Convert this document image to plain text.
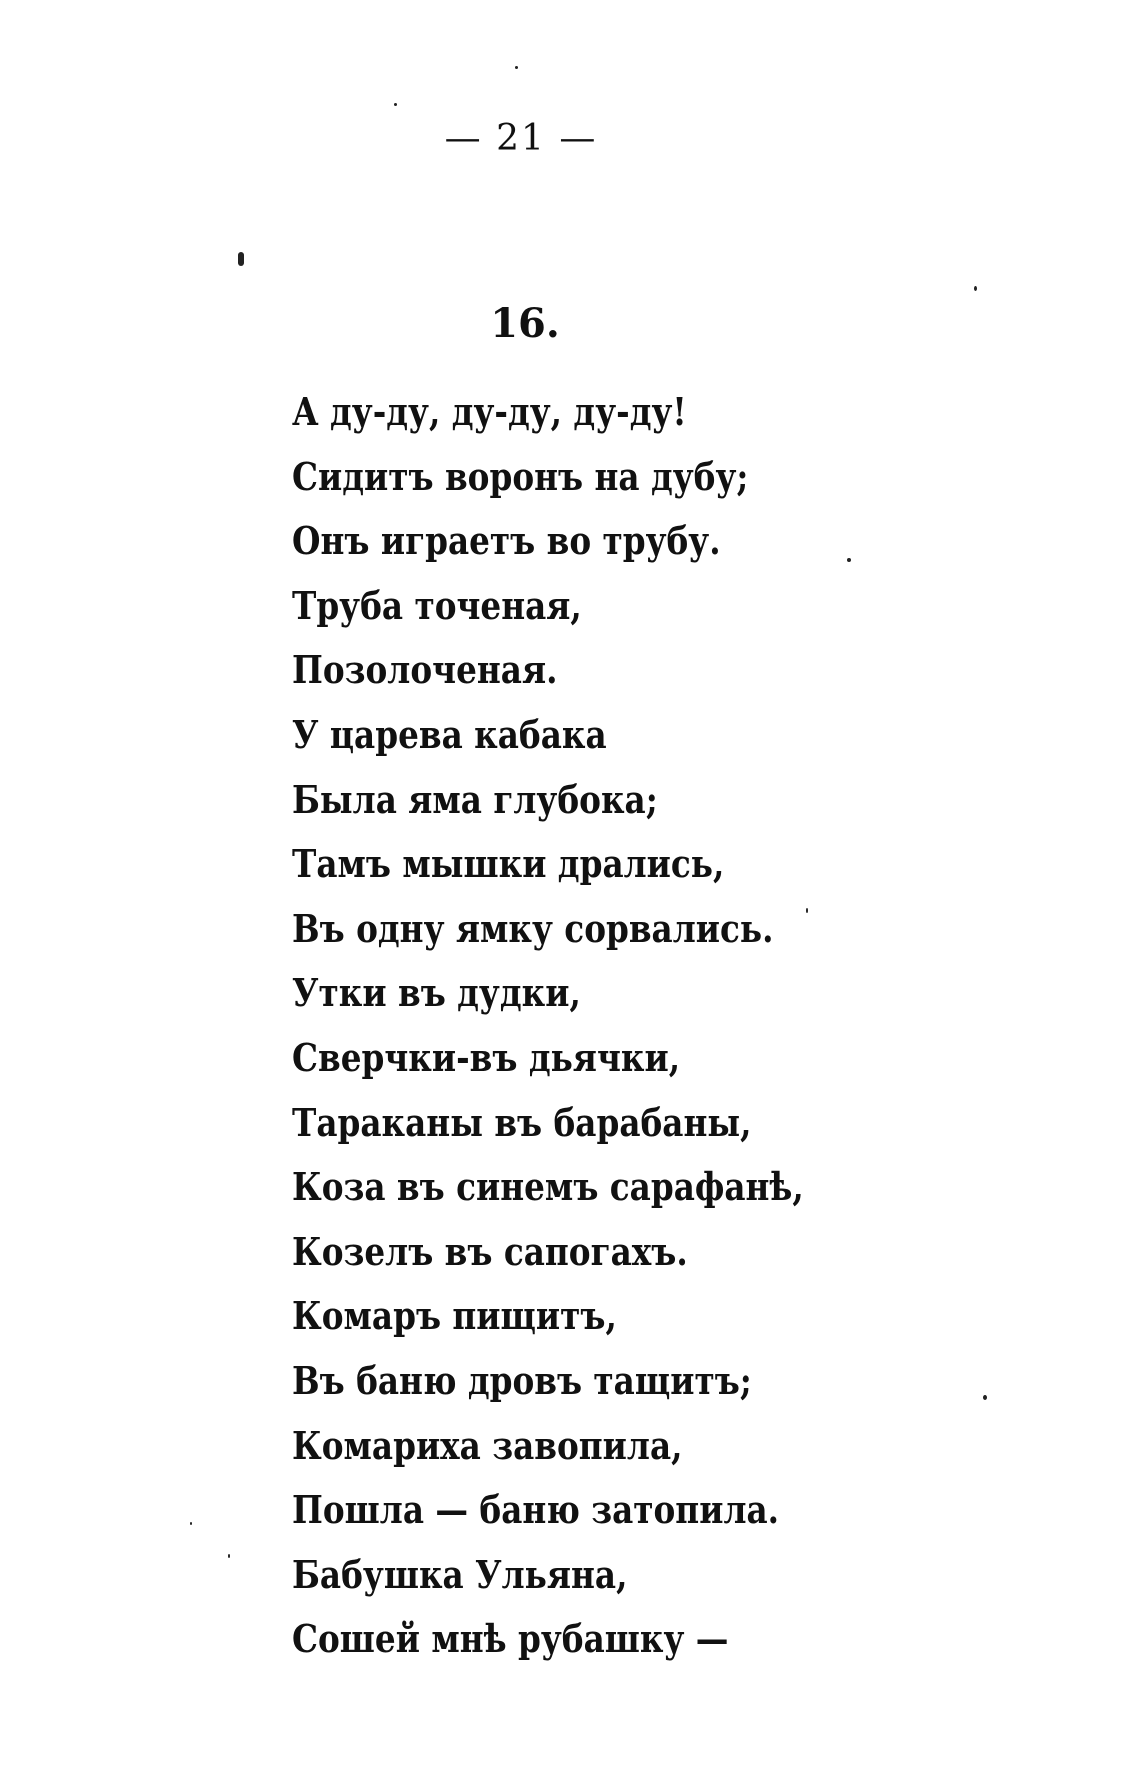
— 21 —
16.
А ду-ду, ду-ду, ду-ду!
Сидитъ воронъ на дубу;
Онъ играетъ во трубу.
Труба точеная,
Позолоченая.
У царева кабака
Была яма глубока;
Тамъ мышки дрались,
Въ одну ямку сорвались.
Утки въ дудки,
Сверчки-въ дьячки,
Тараканы въ барабаны,
Коза въ синемъ сарафанѣ,
Козелъ въ сапогахъ.
Комаръ пищитъ,
Въ баню дровъ тащитъ;
Комариха завопила,
Пошла — баню затопила.
Бабушка Ульяна,
Сошей мнѣ рубашку —
